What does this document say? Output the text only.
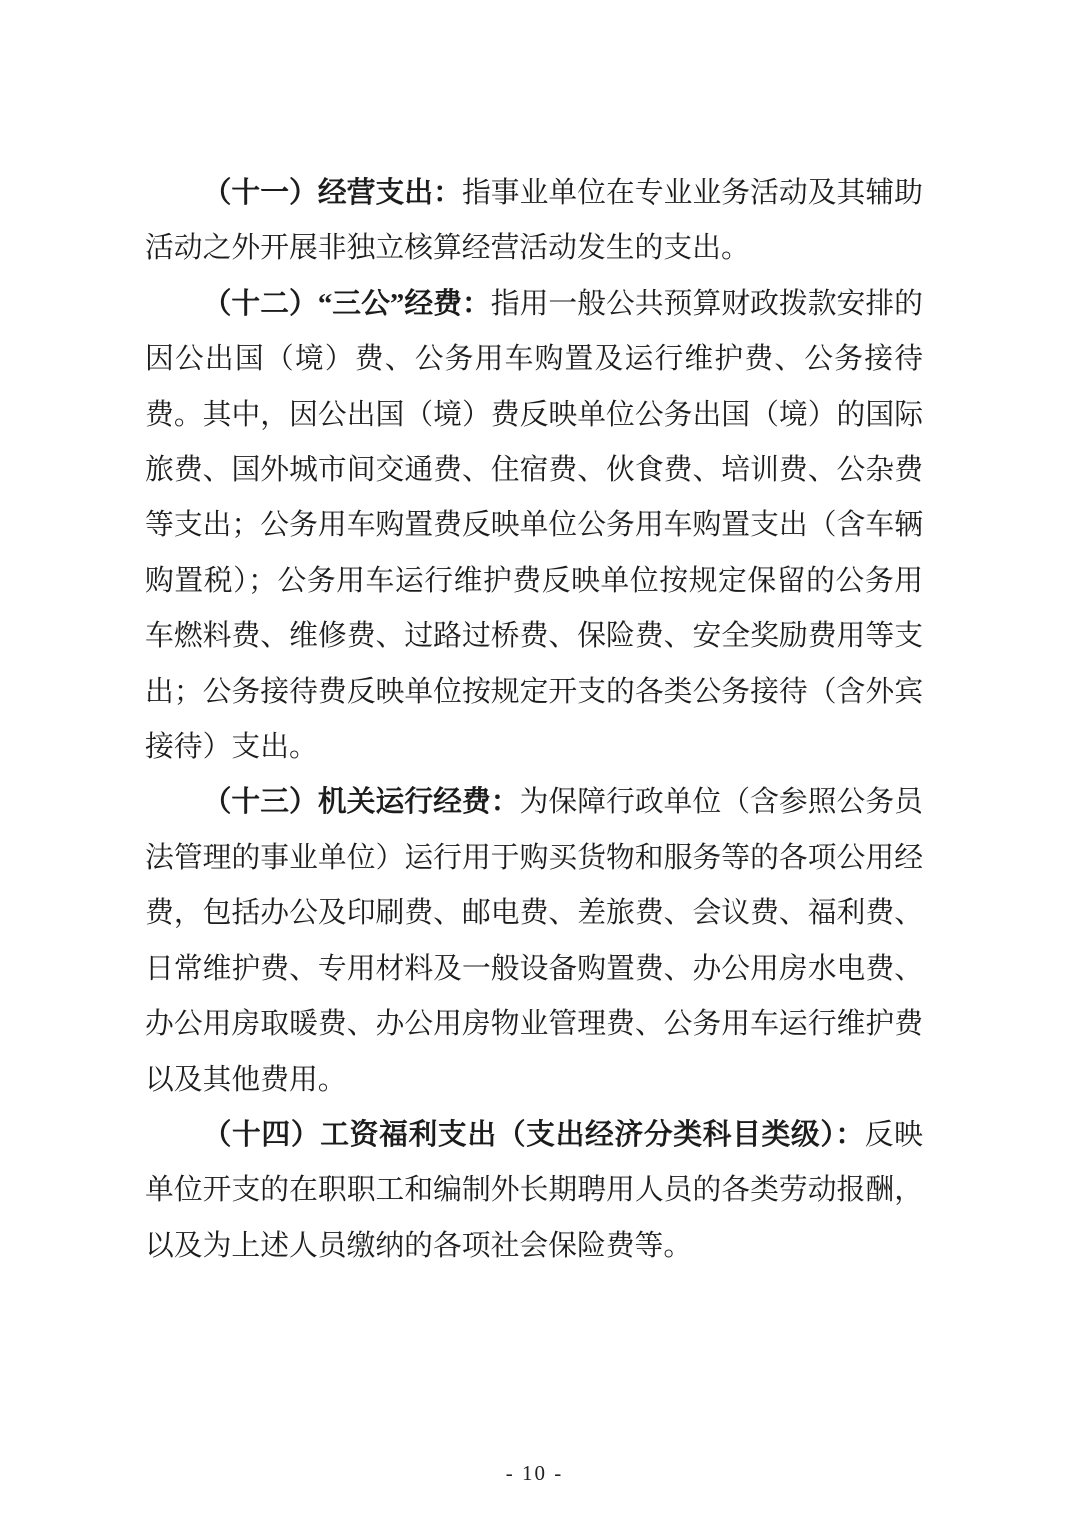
（十一）经营支出：指事业单位在专业业务活动及其辅助活动之外开展非独立核算经营活动发生的支出。

（十二）“三公”经费：指用一般公共预算财政拨款安排的因公出国（境）费、公务用车购置及运行维护费、公务接待费。其中，因公出国（境）费反映单位公务出国（境）的国际旅费、国外城市间交通费、住宿费、伙食费、培训费、公杂费等支出；公务用车购置费反映单位公务用车购置支出（含车辆购置税）；公务用车运行维护费反映单位按规定保留的公务用车燃料费、维修费、过路过桥费、保险费、安全奖励费用等支出；公务接待费反映单位按规定开支的各类公务接待（含外宾接待）支出。

（十三）机关运行经费：为保障行政单位（含参照公务员法管理的事业单位）运行用于购买货物和服务等的各项公用经费，包括办公及印刷费、邮电费、差旅费、会议费、福利费、日常维护费、专用材料及一般设备购置费、办公用房水电费、办公用房取暖费、办公用房物业管理费、公务用车运行维护费以及其他费用。

（十四）工资福利支出（支出经济分类科目类级）：反映单位开支的在职职工和编制外长期聘用人员的各类劳动报酬，以及为上述人员缴纳的各项社会保险费等。

- 10 -
